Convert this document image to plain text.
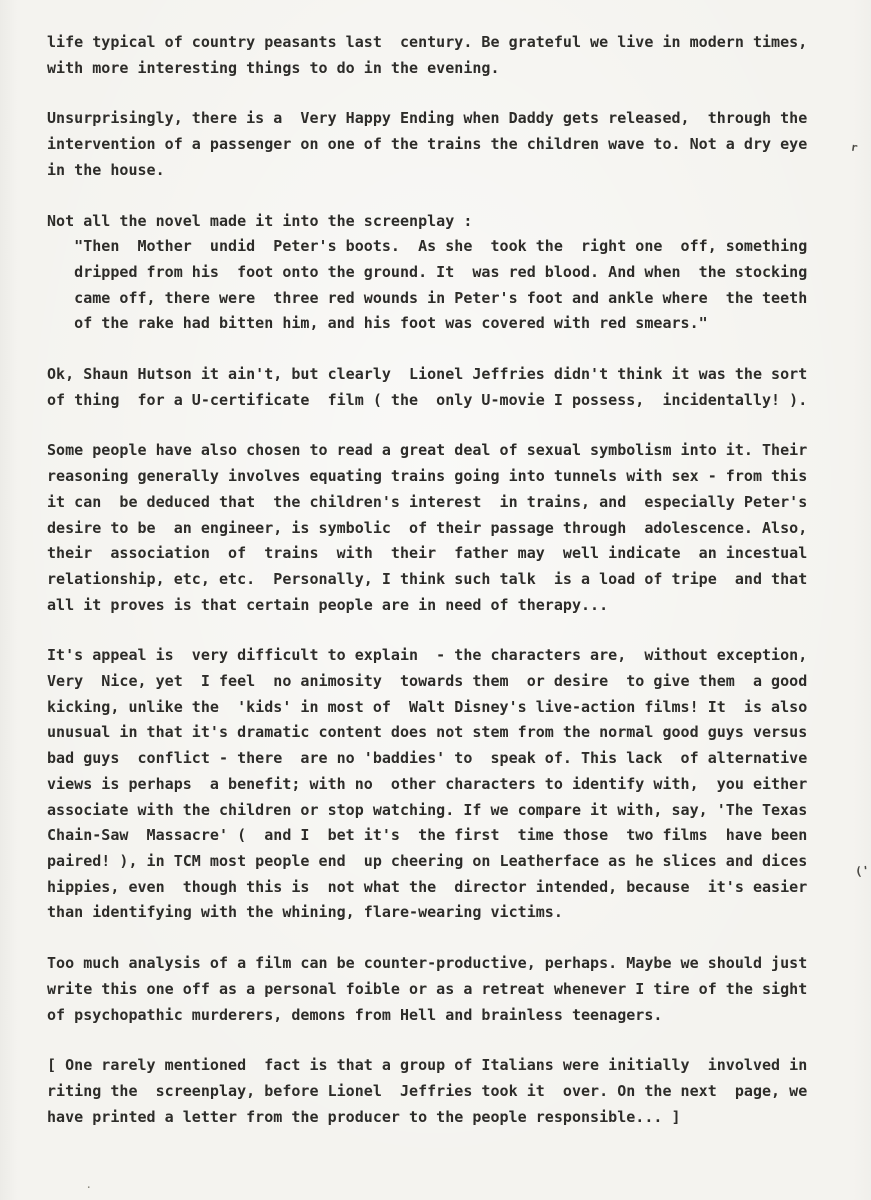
life typical of country peasants last  century. Be grateful we live in modern times,
with more interesting things to do in the evening.
Unsurprisingly, there is a  Very Happy Ending when Daddy gets released,  through the
intervention of a passenger on one of the trains the children wave to. Not a dry eye
in the house.
Not all the novel made it into the screenplay :
"Then  Mother  undid  Peter's boots.  As she  took the  right one  off, something
dripped from his  foot onto the ground. It  was red blood. And when  the stocking
came off, there were  three red wounds in Peter's foot and ankle where  the teeth
of the rake had bitten him, and his foot was covered with red smears."
Ok, Shaun Hutson it ain't, but clearly  Lionel Jeffries didn't think it was the sort
of thing  for a U-certificate  film ( the  only U-movie I possess,  incidentally! ).
Some people have also chosen to read a great deal of sexual symbolism into it. Their
reasoning generally involves equating trains going into tunnels with sex - from this
it can  be deduced that  the children's interest  in trains, and  especially Peter's
desire to be  an engineer, is symbolic  of their passage through  adolescence. Also,
their  association  of  trains  with  their  father may  well indicate  an incestual
relationship, etc, etc.  Personally, I think such talk  is a load of tripe  and that
all it proves is that certain people are in need of therapy...
It's appeal is  very difficult to explain  - the characters are,  without exception,
Very  Nice, yet  I feel  no animosity  towards them  or desire  to give them  a good
kicking, unlike the  'kids' in most of  Walt Disney's live-action films! It  is also
unusual in that it's dramatic content does not stem from the normal good guys versus
bad guys  conflict - there  are no 'baddies' to  speak of. This lack  of alternative
views is perhaps  a benefit; with no  other characters to identify with,  you either
associate with the children or stop watching. If we compare it with, say, 'The Texas
Chain-Saw  Massacre' (  and I  bet it's  the first  time those  two films  have been
paired! ), in TCM most people end  up cheering on Leatherface as he slices and dices
hippies, even  though this is  not what the  director intended, because  it's easier
than identifying with the whining, flare-wearing victims.
Too much analysis of a film can be counter-productive, perhaps. Maybe we should just
write this one off as a personal foible or as a retreat whenever I tire of the sight
of psychopathic murderers, demons from Hell and brainless teenagers.
[ One rarely mentioned  fact is that a group of Italians were initially  involved in
riting the  screenplay, before Lionel  Jeffries took it  over. On the next  page, we
have printed a letter from the producer to the people responsible... ]
r
('
.
